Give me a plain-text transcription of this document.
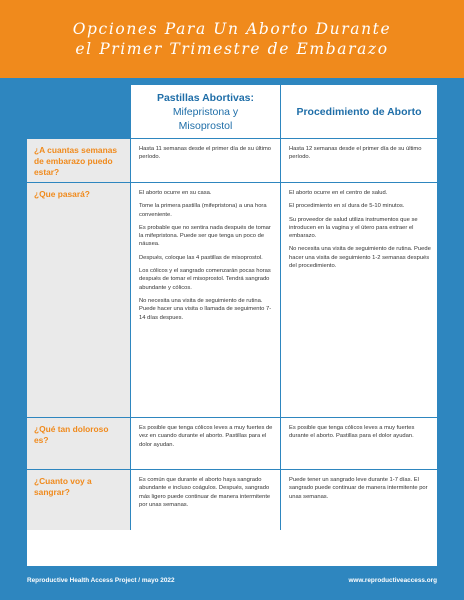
Opciones Para Un Aborto Durante
el Primer Trimestre de Embarazo
Pastillas Abortivas:
Mifepristona y
Misoprostol
Procedimiento de Aborto
¿A cuantas semanas de embarazo puedo estar?

Hasta 11 semanas desde el primer día de su último período.

Hasta 12 semanas desde el primer día de su último período.

¿Que pasará?	El aborto ocurre en su casa.

Tome la primera pastilla (mifepristona) a una hora conveniente.

Es probable que no sentira nada después de tomar la mifepristona. Puede ser que tenga un poco de náusea.

Después, coloque las 4 pastillas de misoprostol.

Los cólicos y el sangrado comenzarán pocas horas después de tomar el misoprostol. Tendrá sangrado abundante y cólicos.

No necesita una visita de seguimiento de rutina. Puede hacer una visita o llamada de seguimento 7-14 días despues.

El aborto ocurre en el centro de salud.

El procedimiento en sí dura de 5-10 minutos.

Su proveedor de salud utiliza instrumentos que se introducen en la vagina y el útero para extraer el embarazo.

No necesita una visita de seguimiento de rutina. Puede hacer una visita de seguimiento 1-2 semanas después del procedimiento.

¿Qué tan doloroso es?

Es posible que tenga cólicos leves a muy fuertes de vez en cuando durante el aborto. Pastillas para el dolor ayudan.

Es posible que tenga cólicos leves a muy fuertes durante el aborto. Pastillas para el dolor ayudan.

¿Cuanto voy a sangrar?

Es común que durante el aborto haya sangrado abundante e incluso coágulos. Después, sangrado más ligero puede continuar de manera intermitente por unas semanas.

Puede tener un sangrado leve durante 1-7 días. El sangrado puede continuar de manera intermitente por unas semanas.

Reproductive Health Access Project / mayo 2022	www.reproductiveaccess.org
